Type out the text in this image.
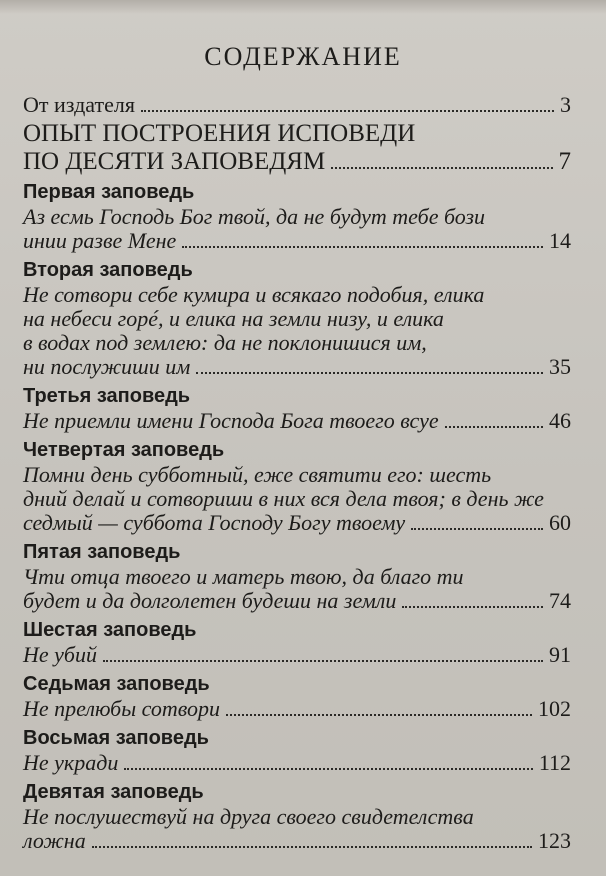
СОДЕРЖАНИЕ
От издателя	3
ОПЫТ ПОСТРОЕНИЯ ИСПОВЕДИ
ПО ДЕСЯТИ ЗАПОВЕДЯМ	7
Первая заповедь
Аз есмь Господь Бог твой, да не будут тебе бози
инии разве Мене	14
Вторая заповедь
Не сотвори себе кумира и всякаго подобия, елика
на небеси горé, и елика на земли низу, и елика
в водах под землею: да не поклонишися им,
ни послужиши им	35
Третья заповедь
Не приемли имени Господа Бога твоего всуе	46
Четвертая заповедь
Помни день субботный, еже святити его: шесть
дний делай и сотвориши в них вся дела твоя; в день же
седмый — суббота Господу Богу твоему	60
Пятая заповедь
Чти отца твоего и матерь твою, да благо ти
будет и да долголетен будеши на земли	74
Шестая заповедь
Не убий	91
Седьмая заповедь
Не прелюбы сотвори	102
Восьмая заповедь
Не укради	112
Девятая заповедь
Не послушествуй на друга своего свидетелства
ложна	123
